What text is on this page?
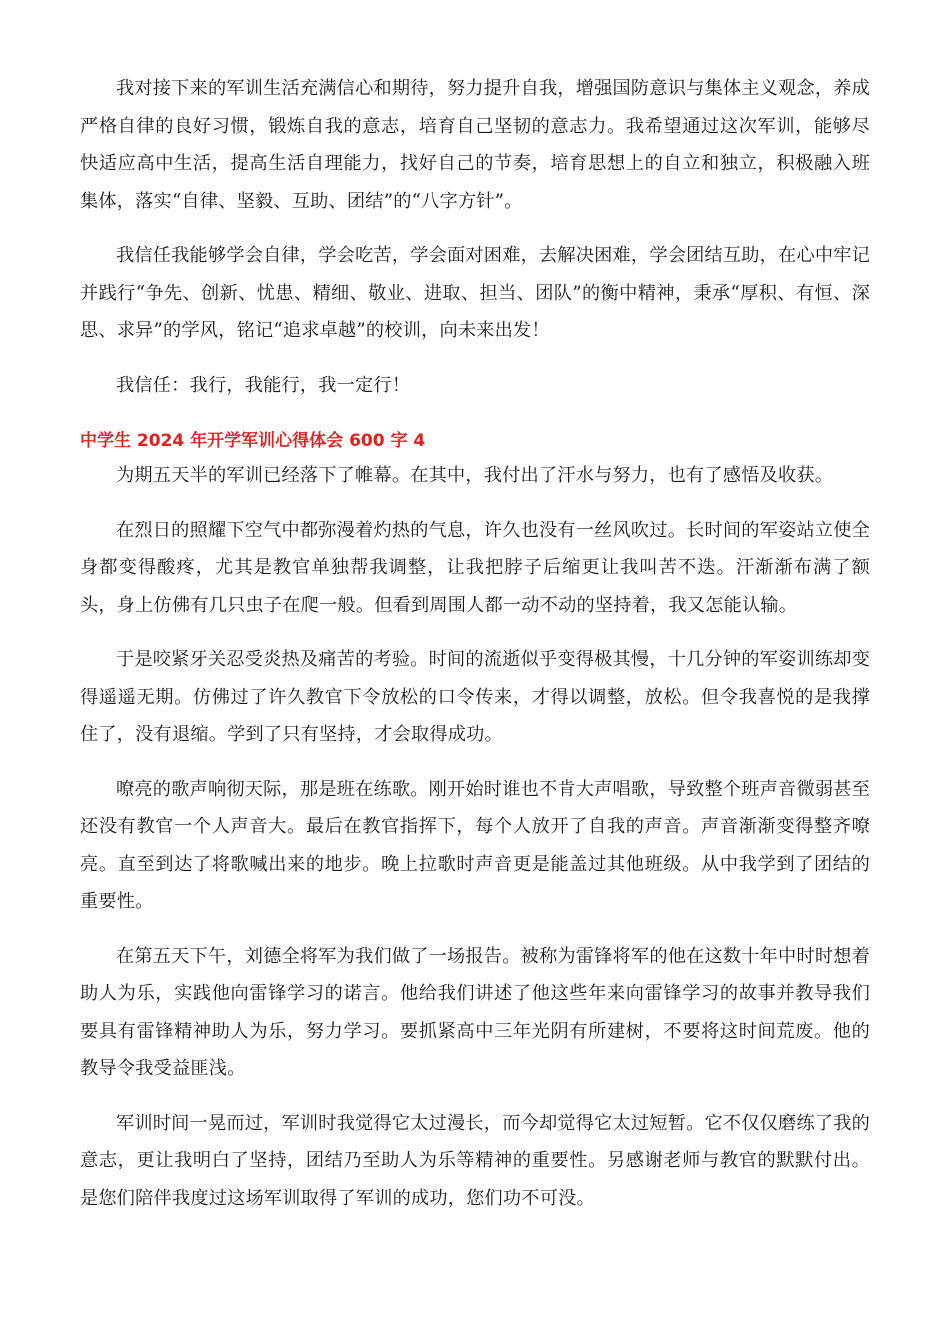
我对接下来的军训生活充满信心和期待，努力提升自我，增强国防意识与集体主义观念，养成严格自律的良好习惯，锻炼自我的意志，培育自己坚韧的意志力。我希望通过这次军训，能够尽快适应高中生活，提高生活自理能力，找好自己的节奏，培育思想上的自立和独立，积极融入班集体，落实“自律、坚毅、互助、团结”的“八字方针”。

我信任我能够学会自律，学会吃苦，学会面对困难，去解决困难，学会团结互助，在心中牢记并践行“争先、创新、忧患、精细、敬业、进取、担当、团队”的衡中精神，秉承“厚积、有恒、深思、求异”的学风，铭记“追求卓越”的校训，向未来出发！

我信任：我行，我能行，我一定行！

中学生 2024 年开学军训心得体会 600 字 4

为期五天半的军训已经落下了帷幕。在其中，我付出了汗水与努力，也有了感悟及收获。

在烈日的照耀下空气中都弥漫着灼热的气息，许久也没有一丝风吹过。长时间的军姿站立使全身都变得酸疼，尤其是教官单独帮我调整，让我把脖子后缩更让我叫苦不迭。汗渐渐布满了额头，身上仿佛有几只虫子在爬一般。但看到周围人都一动不动的坚持着，我又怎能认输。

于是咬紧牙关忍受炎热及痛苦的考验。时间的流逝似乎变得极其慢，十几分钟的军姿训练却变得遥遥无期。仿佛过了许久教官下令放松的口令传来，才得以调整，放松。但令我喜悦的是我撑住了，没有退缩。学到了只有坚持，才会取得成功。

嘹亮的歌声响彻天际，那是班在练歌。刚开始时谁也不肯大声唱歌，导致整个班声音微弱甚至还没有教官一个人声音大。最后在教官指挥下，每个人放开了自我的声音。声音渐渐变得整齐嘹亮。直至到达了将歌喊出来的地步。晚上拉歌时声音更是能盖过其他班级。从中我学到了团结的重要性。

在第五天下午，刘德全将军为我们做了一场报告。被称为雷锋将军的他在这数十年中时时想着助人为乐，实践他向雷锋学习的诺言。他给我们讲述了他这些年来向雷锋学习的故事并教导我们要具有雷锋精神助人为乐，努力学习。要抓紧高中三年光阴有所建树，不要将这时间荒废。他的教导令我受益匪浅。

军训时间一晃而过，军训时我觉得它太过漫长，而今却觉得它太过短暂。它不仅仅磨练了我的意志，更让我明白了坚持，团结乃至助人为乐等精神的重要性。另感谢老师与教官的默默付出。是您们陪伴我度过这场军训取得了军训的成功，您们功不可没。
